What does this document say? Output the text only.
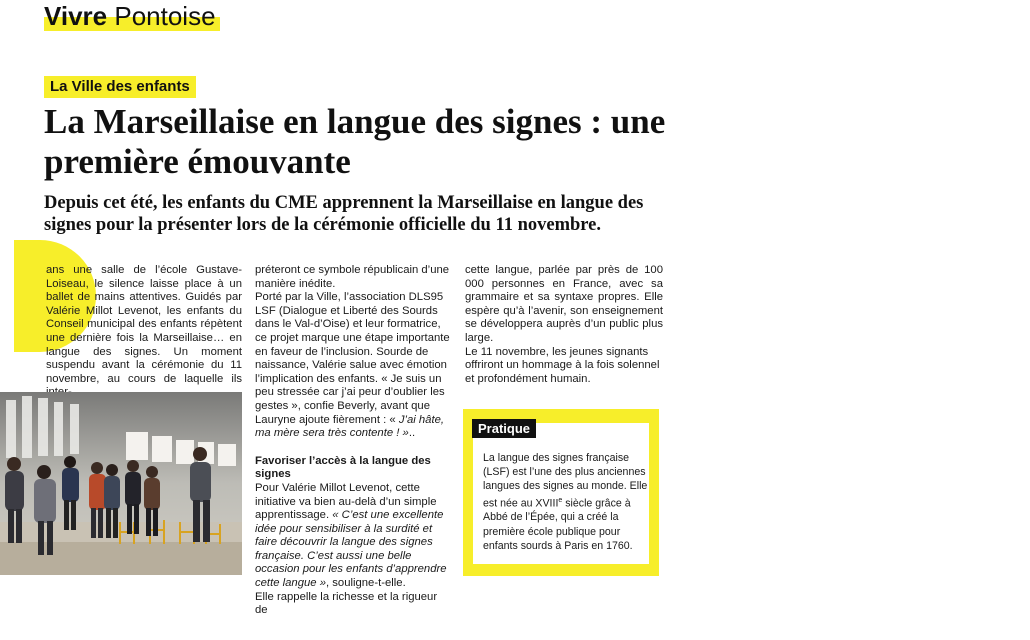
Vivre Pontoise
La Ville des enfants
La Marseillaise en langue des signes : une première émouvante

Depuis cet été, les enfants du CME apprennent la Marseillaise en langue des signes pour la présenter lors de la cérémonie officielle du 11 novembre.

ans une salle de l’école Gustave-Loiseau, le silence laisse place à un ballet de mains attentives. Guidés par Valérie Millot Levenot, les enfants du Conseil municipal des enfants répètent une dernière fois la Marseillaise… en langue des signes. Un moment suspendu avant la cérémonie du 11 novembre, au cours de laquelle ils

préteront ce symbole républicain d’une manière inédite.

Porté par la Ville, l’association DLS95 LSF (Dialogue et Liberté des Sourds dans le Val-d’Oise) et leur formatrice, ce projet marque une étape importante en faveur de l’inclusion. Sourde de naissance, Valérie salue avec émotion l’implication des enfants. « Je suis un peu stressée car j’ai peur d’oublier les gestes », confie Beverly, avant que Lauryne ajoute fièrement : « J’ai hâte, ma mère sera très contente ! »..

Favoriser l’accès à la langue des signes

Pour Valérie Millot Levenot, cette initiative va bien au-delà d’un simple apprentissage. « C’est une excellente idée pour sensibiliser à la surdité et faire découvrir la langue des signes française. C’est aussi une belle occasion pour les enfants d’apprendre cette langue », souligne-t-elle.

Elle rappelle la richesse et la rigueur de

cette langue, parlée par près de 100 000 personnes en France, avec sa grammaire et sa syntaxe propres. Elle espère qu’à l’avenir, son enseignement se développera auprès d’un public plus large.

Le 11 novembre, les jeunes signants offriront un hommage à la fois solennel et profondément humain.

Pratique

La langue des signes française (LSF) est l’une des plus anciennes langues des signes au monde. Elle est née au XVIIIe siècle grâce à Abbé de l’Épée, qui a créé la première école publique pour enfants sourds à Paris en 1760.
